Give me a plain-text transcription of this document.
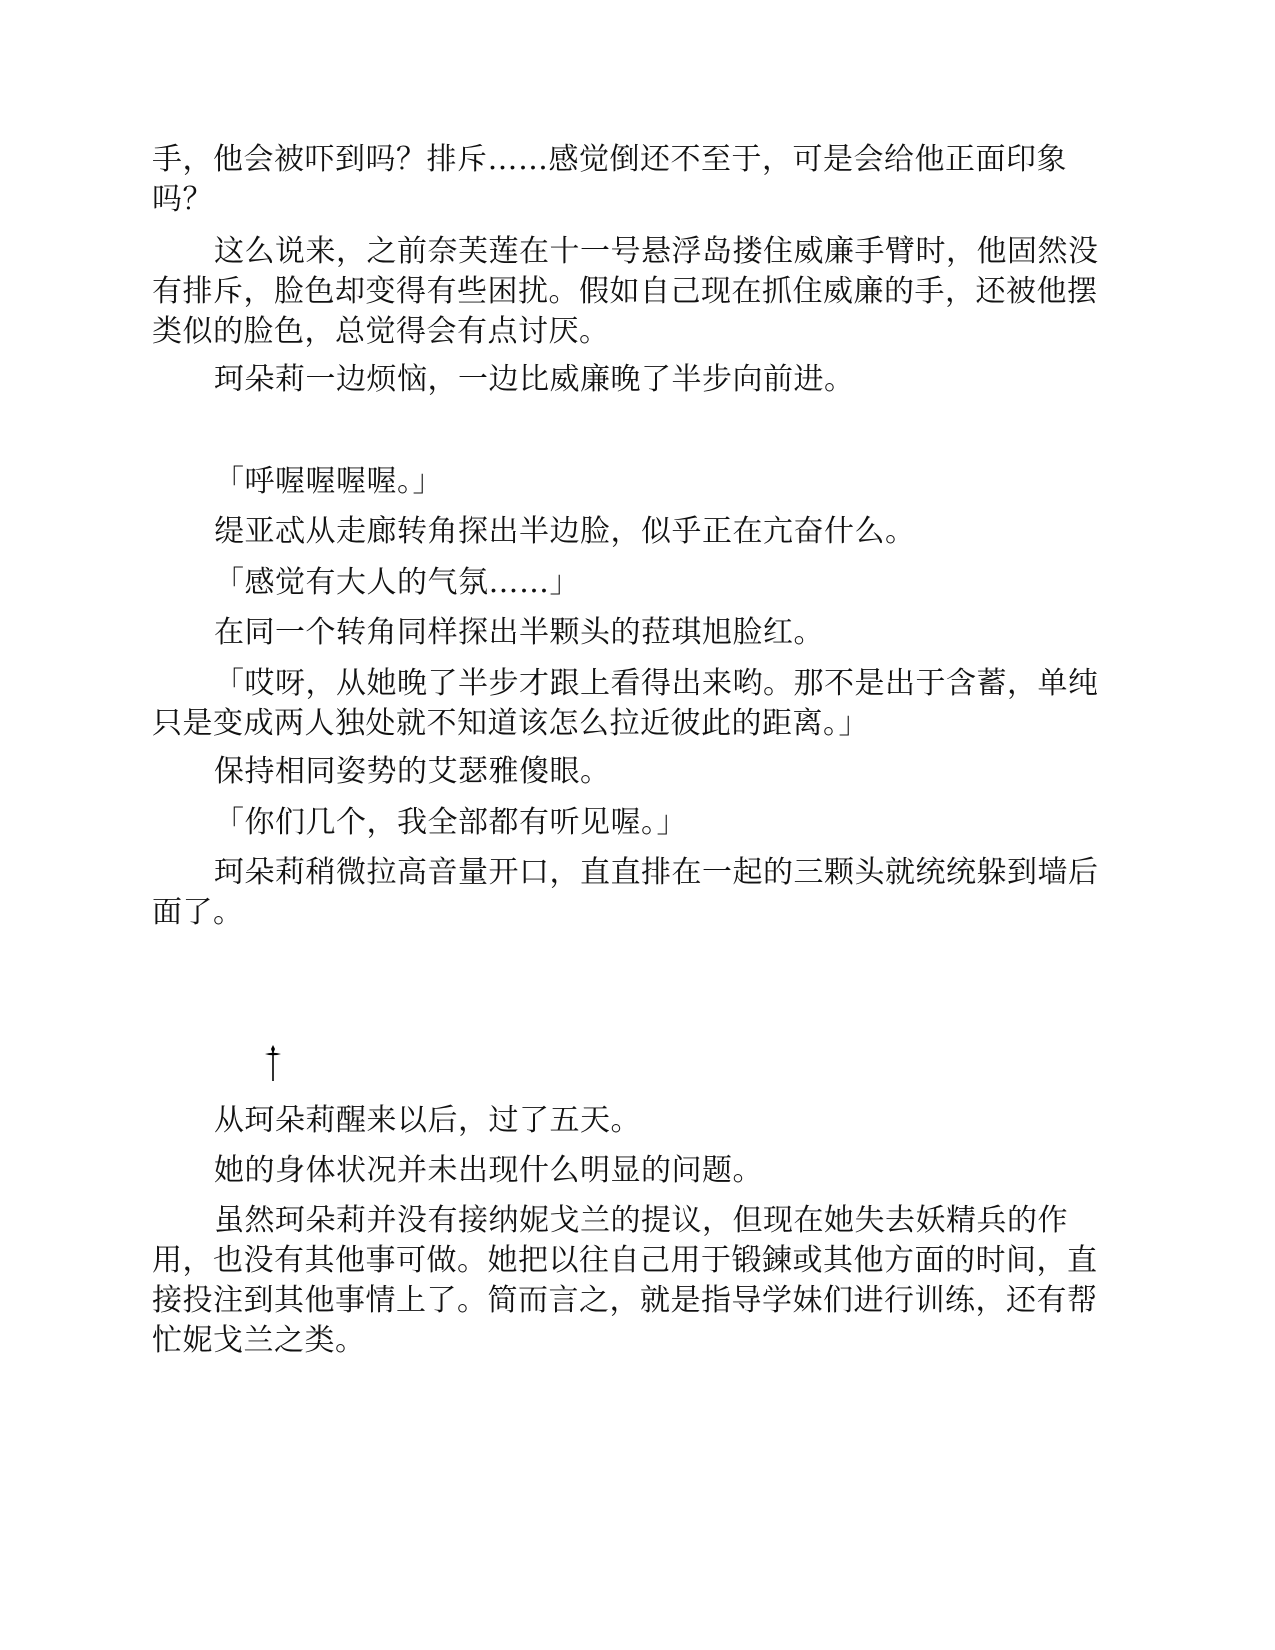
手，他会被吓到吗？排斥……感觉倒还不至于，可是会给他正面印象吗？

这么说来，之前奈芙莲在十一号悬浮岛搂住威廉手臂时，他固然没有排斥，脸色却变得有些困扰。假如自己现在抓住威廉的手，还被他摆类似的脸色，总觉得会有点讨厌。

珂朵莉一边烦恼，一边比威廉晚了半步向前进。

「呼喔喔喔喔。」

缇亚忒从走廊转角探出半边脸，似乎正在亢奋什么。

「感觉有大人的气氛……」

在同一个转角同样探出半颗头的菈琪旭脸红。

「哎呀，从她晚了半步才跟上看得出来哟。那不是出于含蓄，单纯只是变成两人独处就不知道该怎么拉近彼此的距离。」

保持相同姿势的艾瑟雅傻眼。

「你们几个，我全部都有听见喔。」

珂朵莉稍微拉高音量开口，直直排在一起的三颗头就统统躲到墙后面了。

从珂朵莉醒来以后，过了五天。

她的身体状况并未出现什么明显的问题。

虽然珂朵莉并没有接纳妮戈兰的提议，但现在她失去妖精兵的作用，也没有其他事可做。她把以往自己用于锻鍊或其他方面的时间，直接投注到其他事情上了。简而言之，就是指导学妹们进行训练，还有帮忙妮戈兰之类。
